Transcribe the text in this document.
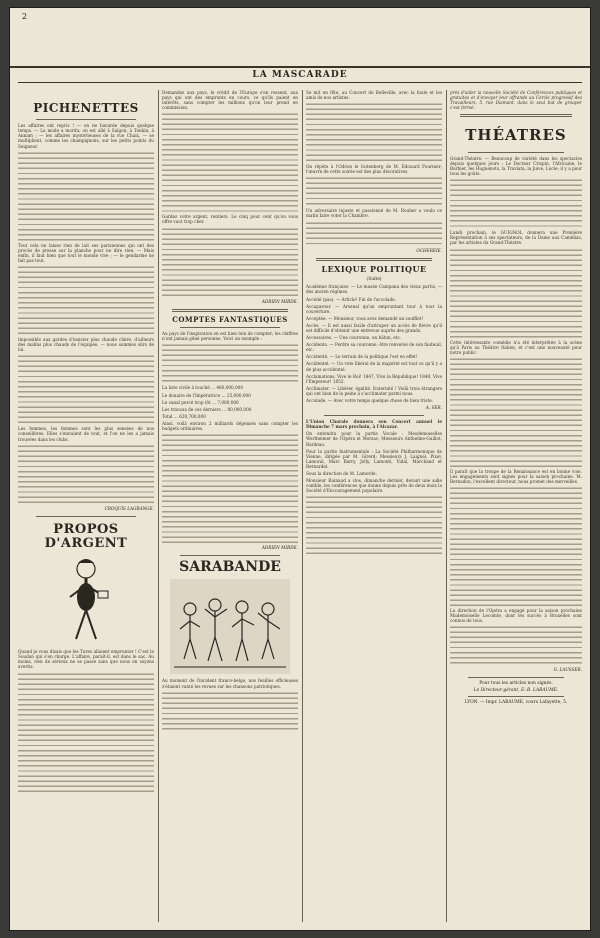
2
LA MASCARADE
PICHENETTES

Les affaires ont repris ! — on ne bavarde depuis quelque temps. — La mode a mordu; on est allé à Saïgon, à Tonkin, à Annam ; — les affaires mystérieuses de la rue Chaix, — se multiplient, comme les champignons, sur les petits points du Seigneur.

Tout cela ne laisse rien de lait ses parisiennes qui ont des procès de presse sur la planche pour ne dire rien. — Mais enfin, il faut bien que tout le monde vive ; — le gendarme ne fait pas tout.

Impossible aux gardes d'insister plus chaude chère, d'ailleurs des malins plus chauds de l'équipée, — nous sommes sûrs de lui.

Les femmes, les femmes sont les plus sensées de nos conseillères. Elles s'ennuient de tout, et l'on ne les a jamais trouvées dans les clubs.

CROQUIS LAGRANGE.
PROPOS D'ARGENT

Quand je vous disais que les Tures allaient emprunter ! C'est le Soudan qui s'en charge. L'affaire, paraît-il, est dans le sac. Au moins, rien de sérieux ne se passe sans que nous en soyons avertis.

Demandez aux pays, le crédit de l'Europe s'en ressent, aux pays qui ont des emprunts en cours, ce qu'ils paient en intérêts, sans compter les millions qu'on leur prend en commission.

Gardez votre argent, rentiers. Le cinq pour cent qu'on vous offre vaut trop cher.

ADRIEN MIRDE.
COMPTES FANTASTIQUES

Au pays de l'inspiration on est bien loin de compter; les chiffres n'ont jamais gêné personne. Voici un exemple :

La liste civile à touché ... 480,000,000

Le douaire de l'Impératrice ... 25,000,000

Le canal percé trop tôt ... 7,000,000

Les travaux de ces derniers ... 80,000,000

Total ... 620,700,000

Ainsi, voilà environ 2 milliards dépensés sans compter les budgets ordinaires.

ADRIEN MIRDE.
SARABANDE

Au moment de l'incident franco-belge, nos feuilles officieuses s'étaient vanté les revues sur les chansons patriotiques.

Se mit en fête, au Concert de Belleville, avec la foule et les amis de nos artistes.

On répète à l'Odéon le Gutenberg de M. Édouard Fournier; l'œuvre de cette soirée est des plus décoratives.

Un adversaire injuste et passionné de M. Rouher a voulu ce matin faire voter la Chambre.

OCHEREIE.
LEXIQUE POLITIQUE
(Suite)

Académie française. — Le musée Campana des vieux partis, — des ancien régimes.

Accédé (pas). — Article! Fin de l'accolade.

Accapareur. — Arsenal qu'un empruntant tour à tour la couverture.

Acceptée. — Monsieur, vous avez demandé un soufflet!

Accès. — Il est aussi facile d'attraper un accès de fièvre qu'il est difficile d'obtenir une entrevue auprès des grands.

Accessoires. — Une couronne, un bâton, etc.

Accidents. — Perdre sa couronne, être renversé de son fauteuil, etc.

Accidenté. — Le terrain de la politique l'est en effet!

Accidentel. — Un vote libéral de la majorité est tout ce qu'il y a de plus accidentel.

Acclamations. Vive le Roi! 1847, Vive la République! 1848, Vive l'Empereur! 1852.

Acclimater. — Libérer, égalité, fraternité ! Voilà trois étrangers qui ont bien de la peine à s'acclimater parmi nous.

Accolade. — Avec votre temps quelque chose de bien triste.

A. SER.

L'Union Chorale donnera son Concert annuel le Dimanche 7 mars prochain, à l'Alcazar.

On entendra pour la partie Vocale : Mesdemoiselles Wertheimer de l'Opéra et Morsac; Messieurs Anthelme-Guillot, Bardeau.

Pour la partie Instrumentale : La Société Philharmonique de Vienne, dirigée par M. Girerd; Messieurs J. Laignel, Pixel, Lamoral, Marc Barry, Jolly, Lamonti, Vidal, Marchand et Bernardel.

Sous la direction de M. Lamorde.

Monsieur Rainaud a clos, dimanche dernier, devant une salle comble, les conférences que donne depuis près de deux mois la Société d'Encouragement populaire.

près d'aider la nouvelle Société de Conférences publiques et gratuites et d'envoyer leur offrande au Cercle progressif des Travailleurs, 5, rue Diamant, dans le seul but de grouper c'est fermé.

THÉATRES

Grand-Théatre. — Beaucoup de variété dans les spectacles depuis quelques jours : Le Docteur Crispin, l'Africaine, le Barbier, les Huguenots, la Traviata, la Juive, Lucie; il y a pour tous les goûts.

Lundi prochain, le GUIGNOL donnera une Première Représentation à ses spectateurs, de la Dame aux Camélias, par les artistes du Grand-Théatre.

Cette intéressante comédie n'a été interprétée à la scène qu'à Paris au Théâtre Italien, et c'est une nouveauté pour notre public.

Il paraît que la troupe de la Renaissance est en bonne voie. Les engagements sont signés pour la saison prochaine. M. Bernadon, l'excellent directeur, nous promet des merveilles.

La direction de l'Opéra a engagé pour la saison prochaine Mademoiselle Lecomte, dont les succès à Bruxelles sont connus de tous.

G. LAUSSER.
Pour tous les articles non signés.
Le Directeur-gérant, E.-B. LABAUME.
LYON. — Impr. LABAUME, cours Lafayette, 5.
